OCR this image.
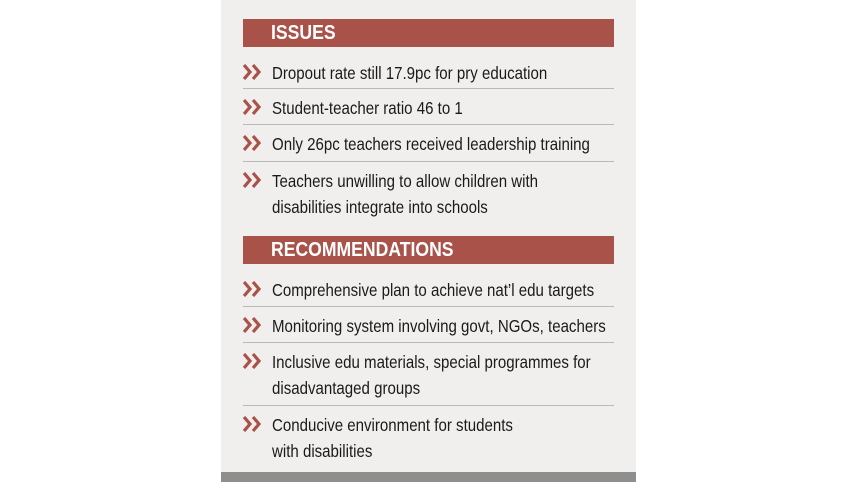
ISSUES
Dropout rate still 17.9pc for pry education
Student-teacher ratio 46 to 1
Only 26pc teachers received leadership training
Teachers unwilling to allow children with
disabilities integrate into schools
RECOMMENDATIONS
Comprehensive plan to achieve nat’l edu targets
Monitoring system involving govt, NGOs, teachers
Inclusive edu materials, special programmes for
disadvantaged groups
Conducive environment for students
with disabilities
